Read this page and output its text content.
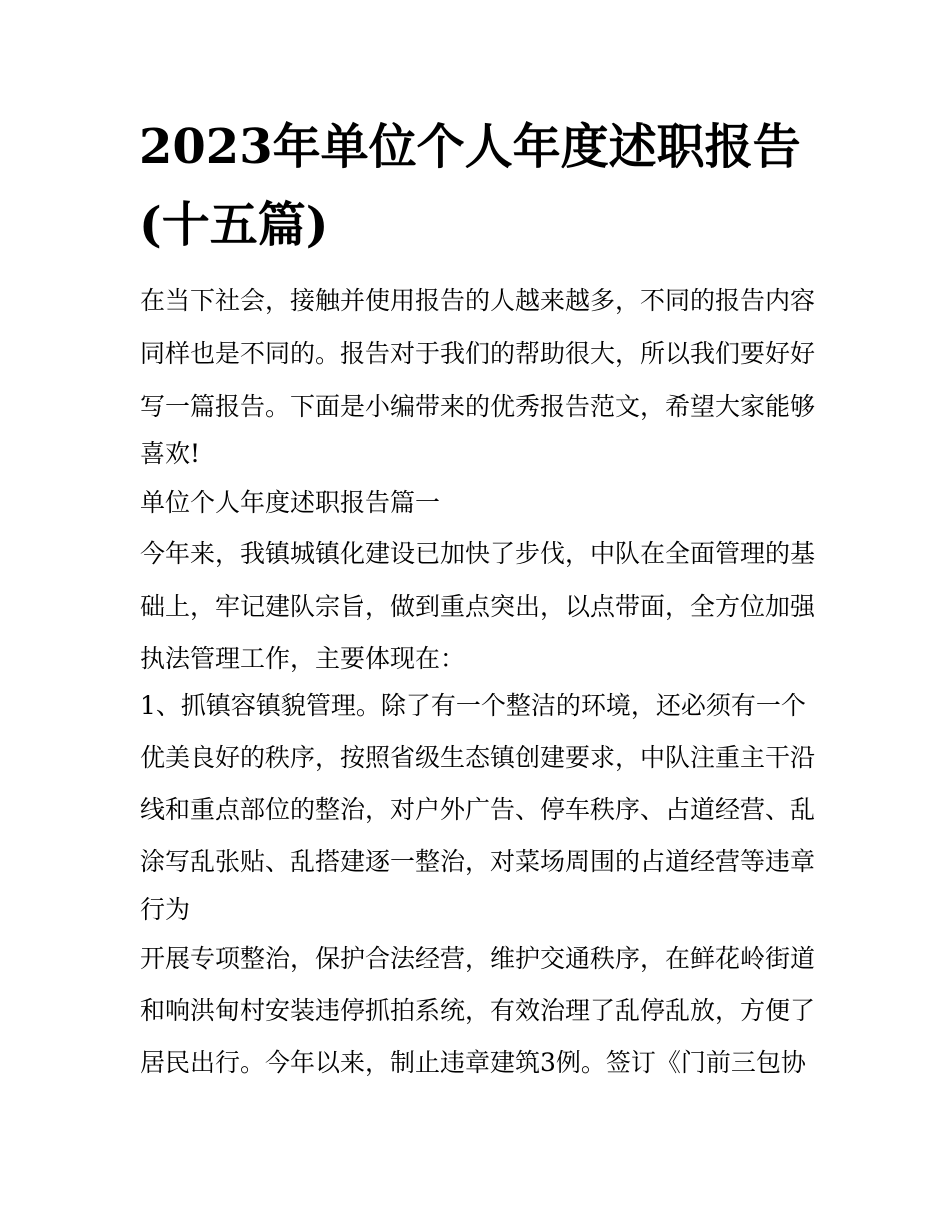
2023年单位个人年度述职报告
(十五篇)
在当下社会，接触并使用报告的人越来越多，不同的报告内容
同样也是不同的。报告对于我们的帮助很大，所以我们要好好
写一篇报告。下面是小编带来的优秀报告范文，希望大家能够
喜欢!
单位个人年度述职报告篇一
今年来，我镇城镇化建设已加快了步伐，中队在全面管理的基
础上，牢记建队宗旨，做到重点突出，以点带面，全方位加强
执法管理工作，主要体现在：
1、抓镇容镇貌管理。除了有一个整洁的环境，还必须有一个
优美良好的秩序，按照省级生态镇创建要求，中队注重主干沿
线和重点部位的整治，对户外广告、停车秩序、占道经营、乱
涂写乱张贴、乱搭建逐一整治，对菜场周围的占道经营等违章
行为
开展专项整治，保护合法经营，维护交通秩序，在鲜花岭街道
和响洪甸村安装违停抓拍系统，有效治理了乱停乱放，方便了
居民出行。今年以来，制止违章建筑3例。签订《门前三包协
